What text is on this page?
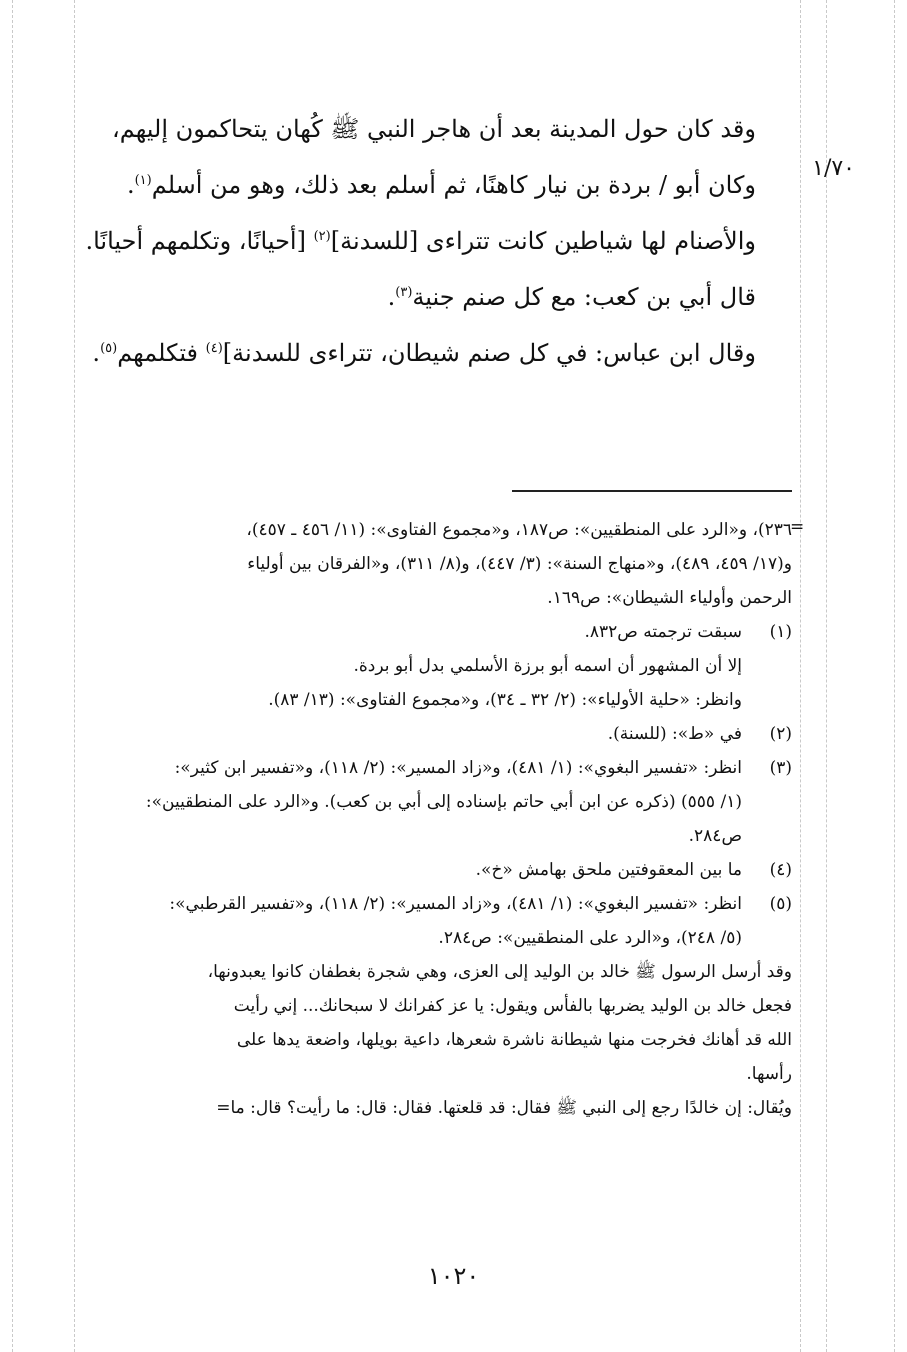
١/٧٠

وقد كان حول المدينة بعد أن هاجر النبي ﷺ كُهان يتحاكمون إليهم،

وكان أبو / بردة بن نيار كاهنًا، ثم أسلم بعد ذلك، وهو من أسلم$^{(١)}$.

والأصنام لها شياطين كانت تتراءى [للسدنة]$^{(٢)}$ [أحيانًا، وتكلمهم أحيانًا.

قال أبي بن كعب: مع كل صنم جنية$^{(٣)}$.

وقال ابن عباس: في كل صنم شيطان، تتراءى للسدنة]$^{(٤)}$ فتكلمهم$^{(٥)}$.

=
٢٣٦)، و«الرد على المنطقيين»: ص١٨٧، و«مجموع الفتاوى»: (١١/ ٤٥٦ ـ ٤٥٧)،
و(١٧/ ٤٥٩، ٤٨٩)، و«منهاج السنة»: (٣/ ٤٤٧)، و(٨/ ٣١١)، و«الفرقان بين أولياء
الرحمن وأولياء الشيطان»: ص١٦٩.
(١)
سبقت ترجمته ص٨٣٢.
إلا أن المشهور أن اسمه أبو برزة الأسلمي بدل أبو بردة.
وانظر: «حلية الأولياء»: (٢/ ٣٢ ـ ٣٤)، و«مجموع الفتاوى»: (١٣/ ٨٣).
(٢)
في «ط»: (للسنة).
(٣)
انظر: «تفسير البغوي»: (١/ ٤٨١)، و«زاد المسير»: (٢/ ١١٨)، و«تفسير ابن كثير»:
(١/ ٥٥٥) (ذكره عن ابن أبي حاتم بإسناده إلى أبي بن كعب). و«الرد على المنطقيين»:
ص٢٨٤.
(٤)
ما بين المعقوفتين ملحق بهامش «خ».
(٥)
انظر: «تفسير البغوي»: (١/ ٤٨١)، و«زاد المسير»: (٢/ ١١٨)، و«تفسير القرطبي»:
(٥/ ٢٤٨)، و«الرد على المنطقيين»: ص٢٨٤.
وقد أرسل الرسول ﷺ خالد بن الوليد إلى العزى، وهي شجرة بغطفان كانوا يعبدونها،
فجعل خالد بن الوليد يضربها بالفأس ويقول: يا عز كفرانك لا سبحانك... إني رأيت
الله قد أهانك فخرجت منها شيطانة ناشرة شعرها، داعية بويلها، واضعة يدها على
رأسها.
ويُقال: إن خالدًا رجع إلى النبي ﷺ فقال: قد قلعتها. فقال: قال: ما رأيت؟ قال: ما=
١٠٢٠
